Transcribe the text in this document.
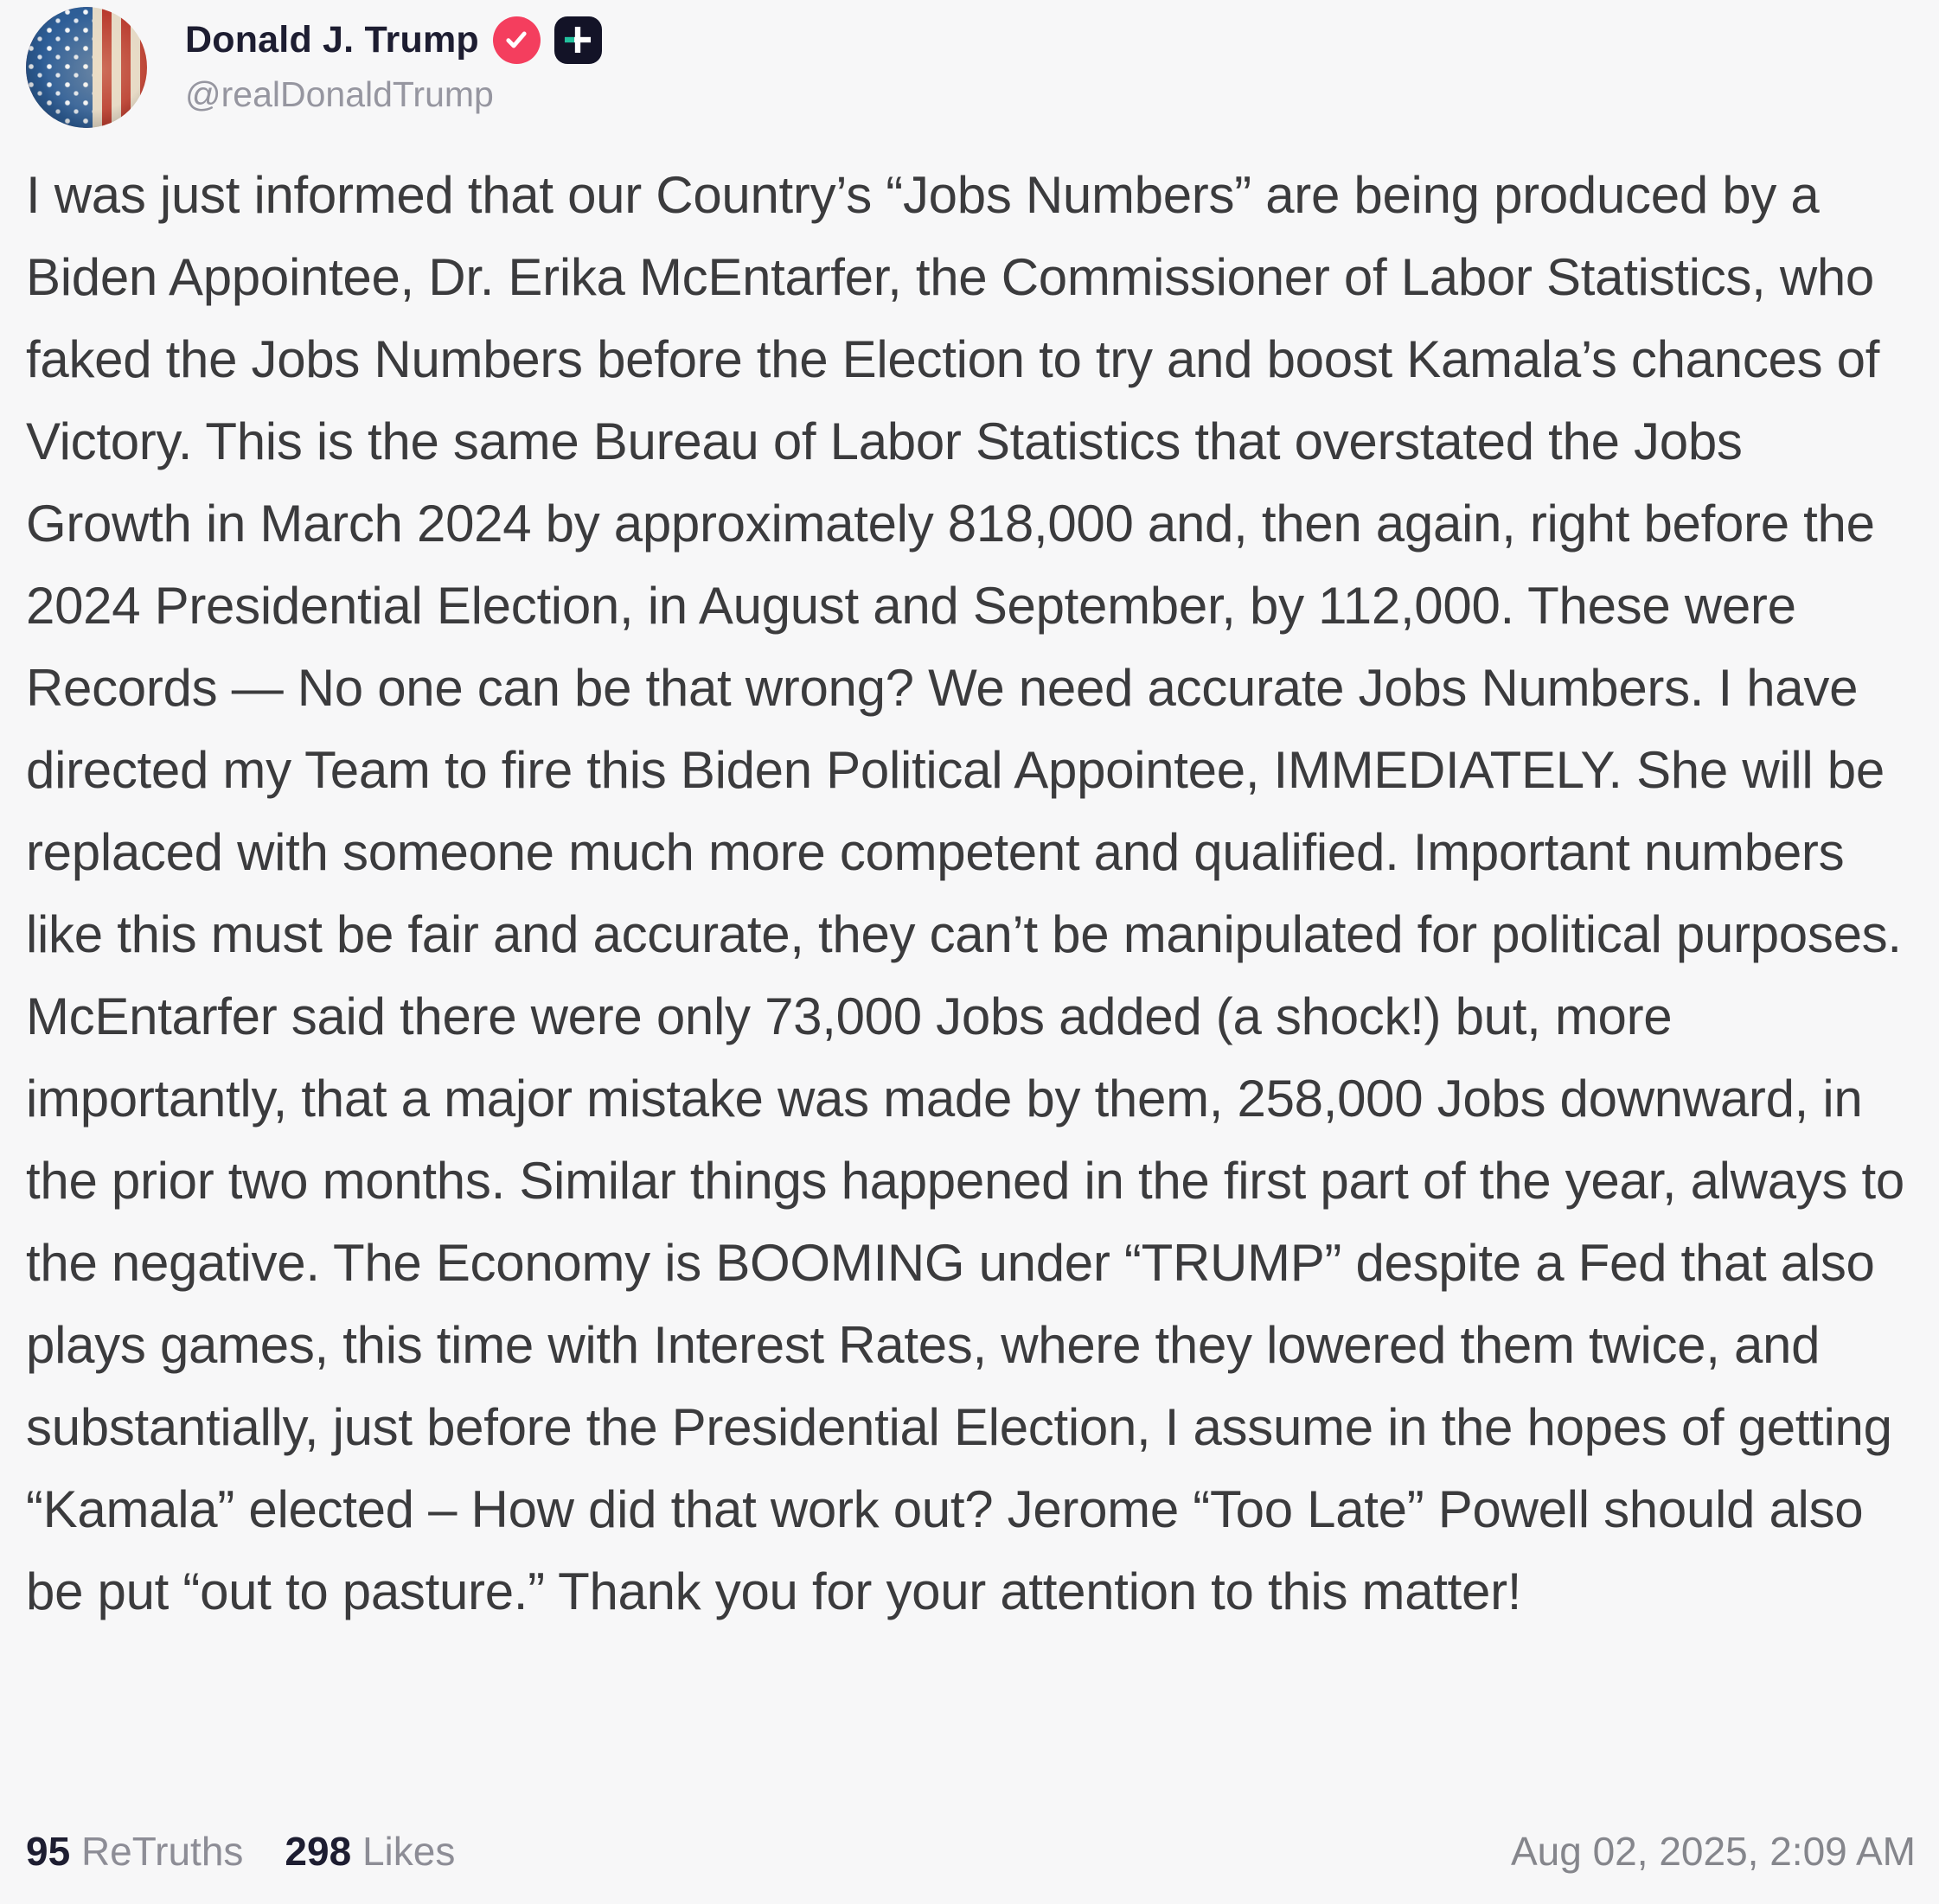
Donald J. Trump
@realDonaldTrump
I was just informed that our Country’s “Jobs Numbers” are being produced by a Biden Appointee, Dr. Erika McEntarfer, the Commissioner of Labor Statistics, who faked the Jobs Numbers before the Election to try and boost Kamala’s chances of Victory. This is the same Bureau of Labor Statistics that overstated the Jobs Growth in March 2024 by approximately 818,000 and, then again, right before the 2024 Presidential Election, in August and September, by 112,000. These were Records — No one can be that wrong? We need accurate Jobs Numbers. I have directed my Team to fire this Biden Political Appointee, IMMEDIATELY. She will be replaced with someone much more competent and qualified. Important numbers like this must be fair and accurate, they can’t be manipulated for political purposes. McEntarfer said there were only 73,000 Jobs added (a shock!) but, more importantly, that a major mistake was made by them, 258,000 Jobs downward, in the prior two months. Similar things happened in the first part of the year, always to the negative. The Economy is BOOMING under “TRUMP” despite a Fed that also plays games, this time with Interest Rates, where they lowered them twice, and substantially, just before the Presidential Election, I assume in the hopes of getting “Kamala” elected – How did that work out? Jerome “Too Late” Powell should also be put “out to pasture.” Thank you for your attention to this matter!
95 ReTruths 298 Likes	Aug 02, 2025, 2:09 AM
